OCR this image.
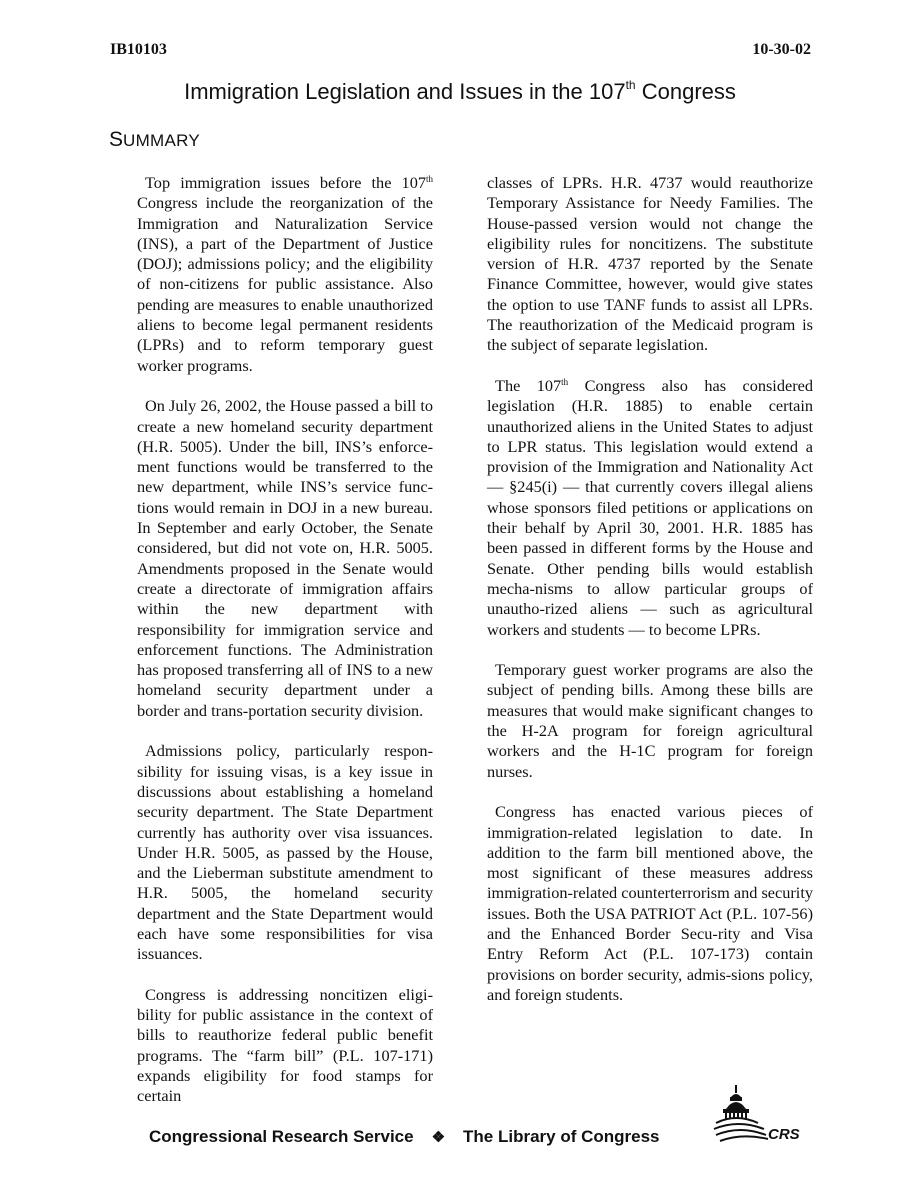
IB10103	10-30-02
Immigration Legislation and Issues in the 107th Congress
SUMMARY

Top immigration issues before the 107th Congress include the reorganization of the Immigration and Naturalization Service (INS), a part of the Department of Justice (DOJ); admissions policy; and the eligibility of non-citizens for public assistance. Also pending are measures to enable unauthorized aliens to become legal permanent residents (LPRs) and to reform temporary guest worker programs.

On July 26, 2002, the House passed a bill to create a new homeland security department (H.R. 5005). Under the bill, INS’s enforce-ment functions would be transferred to the new department, while INS’s service func-tions would remain in DOJ in a new bureau. In September and early October, the Senate considered, but did not vote on, H.R. 5005. Amendments proposed in the Senate would create a directorate of immigration affairs within the new department with responsibility for immigration service and enforcement functions. The Administration has proposed transferring all of INS to a new homeland security department under a border and trans-portation security division.

Admissions policy, particularly respon-sibility for issuing visas, is a key issue in discussions about establishing a homeland security department. The State Department currently has authority over visa issuances. Under H.R. 5005, as passed by the House, and the Lieberman substitute amendment to H.R. 5005, the homeland security department and the State Department would each have some responsibilities for visa issuances.

Congress is addressing noncitizen eligi-bility for public assistance in the context of bills to reauthorize federal public benefit programs. The “farm bill” (P.L. 107-171) expands eligibility for food stamps for certain

classes of LPRs. H.R. 4737 would reauthorize Temporary Assistance for Needy Families. The House-passed version would not change the eligibility rules for noncitizens. The substitute version of H.R. 4737 reported by the Senate Finance Committee, however, would give states the option to use TANF funds to assist all LPRs. The reauthorization of the Medicaid program is the subject of separate legislation.

The 107th Congress also has considered legislation (H.R. 1885) to enable certain unauthorized aliens in the United States to adjust to LPR status. This legislation would extend a provision of the Immigration and Nationality Act — §245(i) — that currently covers illegal aliens whose sponsors filed petitions or applications on their behalf by April 30, 2001. H.R. 1885 has been passed in different forms by the House and Senate. Other pending bills would establish mecha-nisms to allow particular groups of unautho-rized aliens — such as agricultural workers and students — to become LPRs.

Temporary guest worker programs are also the subject of pending bills. Among these bills are measures that would make significant changes to the H-2A program for foreign agricultural workers and the H-1C program for foreign nurses.

Congress has enacted various pieces of immigration-related legislation to date. In addition to the farm bill mentioned above, the most significant of these measures address immigration-related counterterrorism and security issues. Both the USA PATRIOT Act (P.L. 107-56) and the Enhanced Border Secu-rity and Visa Entry Reform Act (P.L. 107-173) contain provisions on border security, admis-sions policy, and foreign students.

Congressional Research Service ❖ The Library of Congress	CRS
